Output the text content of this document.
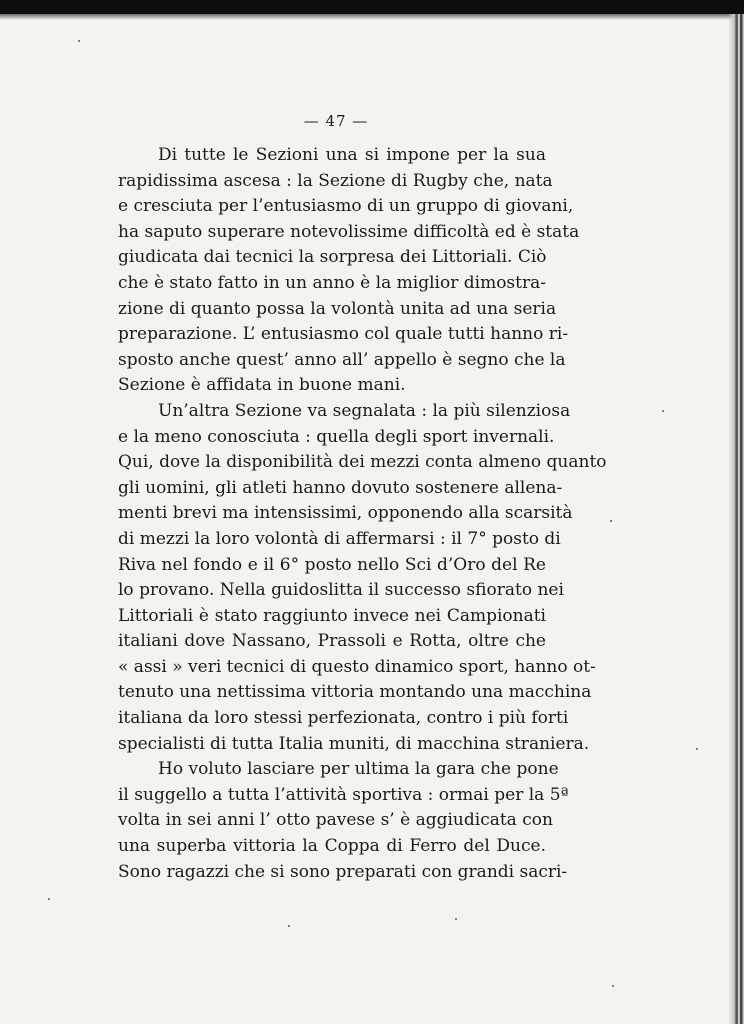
— 47 —
Di tutte le Sezioni una si impone per la sua
rapidissima ascesa : la Sezione di Rugby che, nata
e cresciuta per l’entusiasmo di un gruppo di giovani,
ha saputo superare notevolissime difficoltà ed è stata
giudicata dai tecnici la sorpresa dei Littoriali. Ciò
che è stato fatto in un anno è la miglior dimostra-
zione di quanto possa la volontà unita ad una seria
preparazione. L’ entusiasmo col quale tutti hanno ri-
sposto anche quest’ anno all’ appello è segno che la
Sezione è affidata in buone mani.
Un’altra Sezione va segnalata : la più silenziosa
e la meno conosciuta : quella degli sport invernali.
Qui, dove la disponibilità dei mezzi conta almeno quanto
gli uomini, gli atleti hanno dovuto sostenere allena-
menti brevi ma intensissimi, opponendo alla scarsità
di mezzi la loro volontà di affermarsi : il 7° posto di
Riva nel fondo e il 6° posto nello Sci d’Oro del Re
lo provano. Nella guidoslitta il successo sfiorato nei
Littoriali è stato raggiunto invece nei Campionati
italiani dove Nassano, Prassoli e Rotta, oltre che
« assi » veri tecnici di questo dinamico sport, hanno ot-
tenuto una nettissima vittoria montando una macchina
italiana da loro stessi perfezionata, contro i più forti
specialisti di tutta Italia muniti, di macchina straniera.
Ho voluto lasciare per ultima la gara che pone
il suggello a tutta l’attività sportiva : ormai per la 5ª
volta in sei anni l’ otto pavese s’ è aggiudicata con
una superba vittoria la Coppa di Ferro del Duce.
Sono ragazzi che si sono preparati con grandi sacri-
